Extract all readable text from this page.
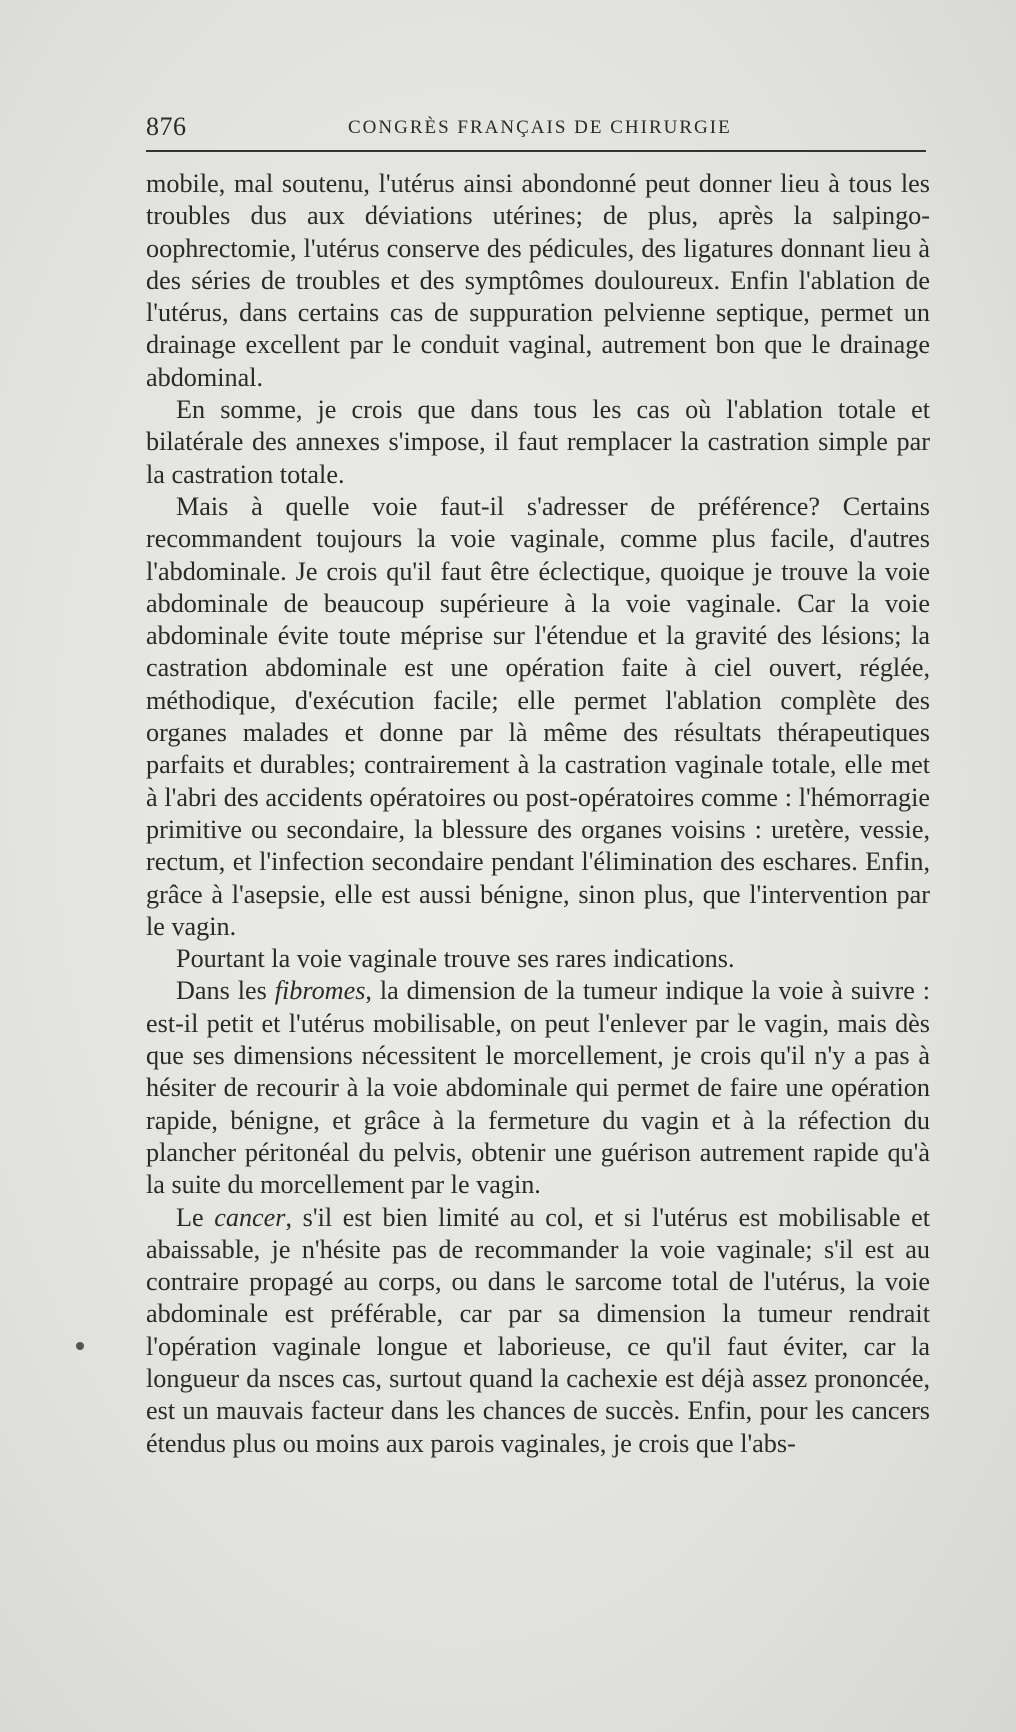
876	CONGRÈS FRANÇAIS DE CHIRURGIE

mobile, mal soutenu, l'utérus ainsi abondonné peut donner lieu à tous les troubles dus aux déviations utérines; de plus, après la salpingo-oophrectomie, l'utérus conserve des pédicules, des ligatures donnant lieu à des séries de troubles et des symptômes douloureux. Enfin l'ablation de l'utérus, dans certains cas de suppuration pelvienne septique, permet un drainage excellent par le conduit vaginal, autrement bon que le drainage abdominal.

En somme, je crois que dans tous les cas où l'ablation totale et bilatérale des annexes s'impose, il faut remplacer la castration simple par la castration totale.

Mais à quelle voie faut-il s'adresser de préférence? Certains recommandent toujours la voie vaginale, comme plus facile, d'autres l'abdominale. Je crois qu'il faut être éclectique, quoique je trouve la voie abdominale de beaucoup supérieure à la voie vaginale. Car la voie abdominale évite toute méprise sur l'étendue et la gravité des lésions; la castration abdominale est une opération faite à ciel ouvert, réglée, méthodique, d'exécution facile; elle permet l'ablation complète des organes malades et donne par là même des résultats thérapeutiques parfaits et durables; contrairement à la castration vaginale totale, elle met à l'abri des accidents opératoires ou post-opératoires comme : l'hémorragie primitive ou secondaire, la blessure des organes voisins : uretère, vessie, rectum, et l'infection secondaire pendant l'élimination des eschares. Enfin, grâce à l'asepsie, elle est aussi bénigne, sinon plus, que l'intervention par le vagin.

Pourtant la voie vaginale trouve ses rares indications.

Dans les fibromes, la dimension de la tumeur indique la voie à suivre : est-il petit et l'utérus mobilisable, on peut l'enlever par le vagin, mais dès que ses dimensions nécessitent le morcellement, je crois qu'il n'y a pas à hésiter de recourir à la voie abdominale qui permet de faire une opération rapide, bénigne, et grâce à la fermeture du vagin et à la réfection du plancher péritonéal du pelvis, obtenir une guérison autrement rapide qu'à la suite du morcellement par le vagin.

Le cancer, s'il est bien limité au col, et si l'utérus est mobilisable et abaissable, je n'hésite pas de recommander la voie vaginale; s'il est au contraire propagé au corps, ou dans le sarcome total de l'utérus, la voie abdominale est préférable, car par sa dimension la tumeur rendrait l'opération vaginale longue et laborieuse, ce qu'il faut éviter, car la longueur da nsces cas, surtout quand la cachexie est déjà assez prononcée, est un mauvais facteur dans les chances de succès. Enfin, pour les cancers étendus plus ou moins aux parois vaginales, je crois que l'abs-
